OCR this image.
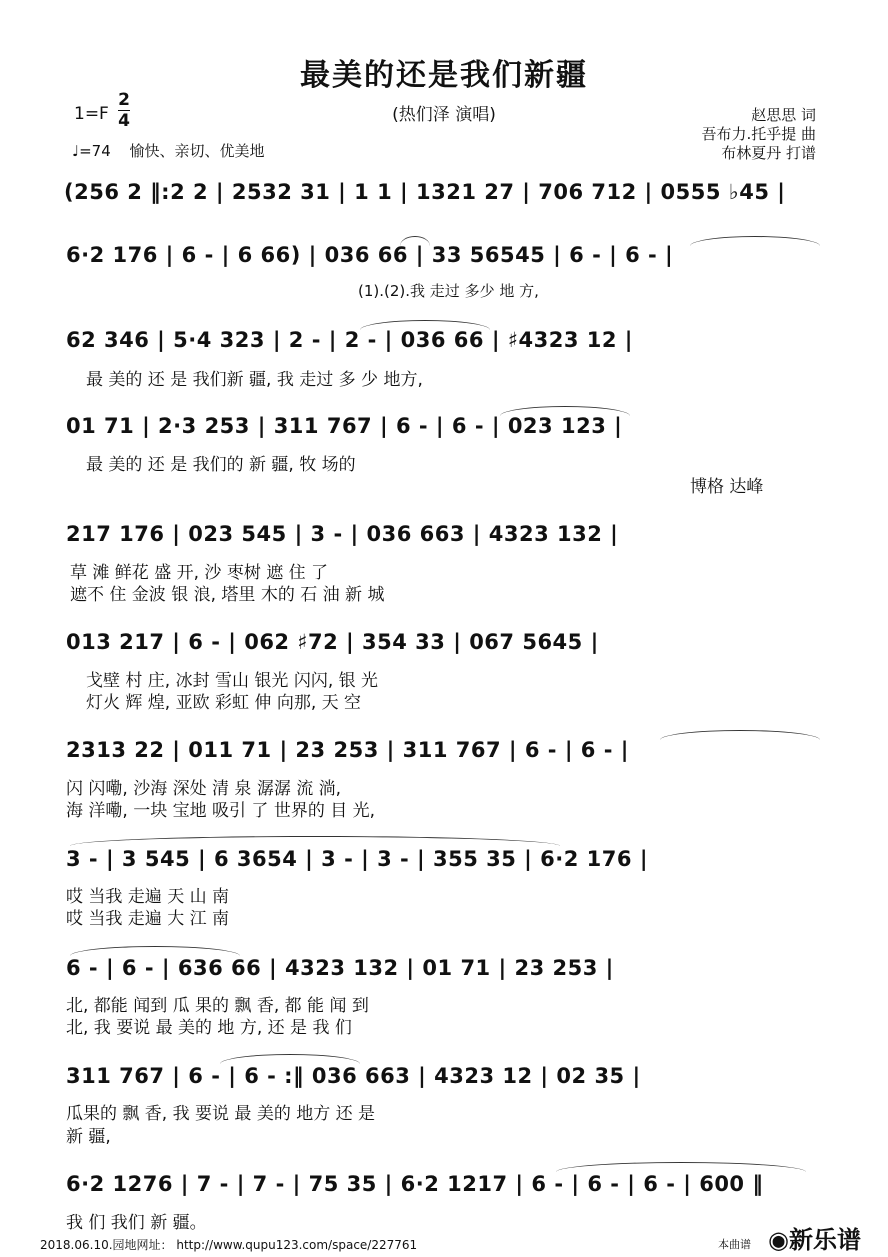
最美的还是我们新疆
(热们泽 演唱)
1=F
2
4
♩=74 愉快、亲切、优美地
赵思思 词
吾布力.托乎提 曲
布林夏丹 打谱
(256 2 ‖:2 2 | 2532 31 | 1 1 | 1321 27 | 706 712 | 0555 ♭45 |
6·2 176 | 6 - | 6 66) | 036 66 | 33 56545 | 6 - | 6 - |
(1).(2).我 走过 多少 地 方,
62 346 | 5·4 323 | 2 - | 2 - | 036 66 | ♯4323 12 |
最 美的 还 是 我们新 疆, 我 走过 多 少 地方,
01 71 | 2·3 253 | 311 767 | 6 - | 6 - | 023 123 |
最 美的 还 是 我们的 新 疆, 牧 场的
博格 达峰
217 176 | 023 545 | 3 - | 036 663 | 4323 132 |
草 滩 鲜花 盛 开, 沙 枣树 遮 住 了
遮不 住 金波 银 浪, 塔里 木的 石 油 新 城
013 217 | 6 - | 062 ♯72 | 354 33 | 067 5645 |
戈壁 村 庄, 冰封 雪山 银光 闪闪, 银 光
灯火 辉 煌, 亚欧 彩虹 伸 向那, 天 空
2313 22 | 011 71 | 23 253 | 311 767 | 6 - | 6 - |
闪 闪嘞, 沙海 深处 清 泉 潺潺 流 淌,
海 洋嘞, 一块 宝地 吸引 了 世界的 目 光,
3 - | 3 545 | 6 3654 | 3 - | 3 - | 355 35 | 6·2 176 |
哎 当我 走遍 天 山 南
哎 当我 走遍 大 江 南
6 - | 6 - | 636 66 | 4323 132 | 01 71 | 23 253 |
北, 都能 闻到 瓜 果的 飘 香, 都 能 闻 到
北, 我 要说 最 美的 地 方, 还 是 我 们
311 767 | 6 - | 6 - :‖ 036 663 | 4323 12 | 02 35 |
瓜果的 飘 香, 我 要说 最 美的 地方 还 是
新 疆,
6·2 1276 | 7 - | 7 - | 75 35 | 6·2 1217 | 6 - | 6 - | 6 - | 600 ‖
我 们 我们 新 疆。
2018.06.10.园地网址： http://www.qupu123.com/space/227761	本曲谱 ◉新乐谱
